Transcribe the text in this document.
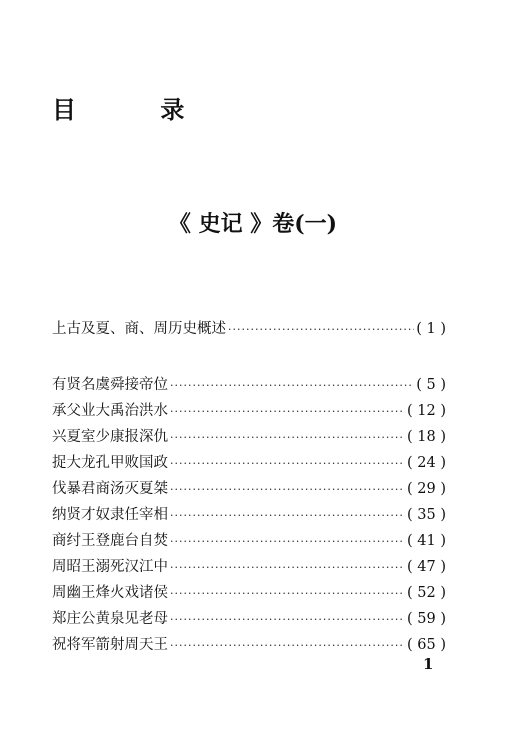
目 录
《 史记 》卷(一)
上古及夏、商、周历史概述 ·····	( 1 )
有贤名虞舜接帝位 ·····	( 5 )
承父业大禹治洪水 ·····	( 12 )
兴夏室少康报深仇 ·····	( 18 )
捉大龙孔甲败国政 ·····	( 24 )
伐暴君商汤灭夏桀 ·····	( 29 )
纳贤才奴隶任宰相 ·····	( 35 )
商纣王登鹿台自焚 ·····	( 41 )
周昭王溺死汉江中 ·····	( 47 )
周幽王烽火戏诸侯 ·····	( 52 )
郑庄公黄泉见老母 ·····	( 59 )
祝将军箭射周天王 ·····	( 65 )
1
